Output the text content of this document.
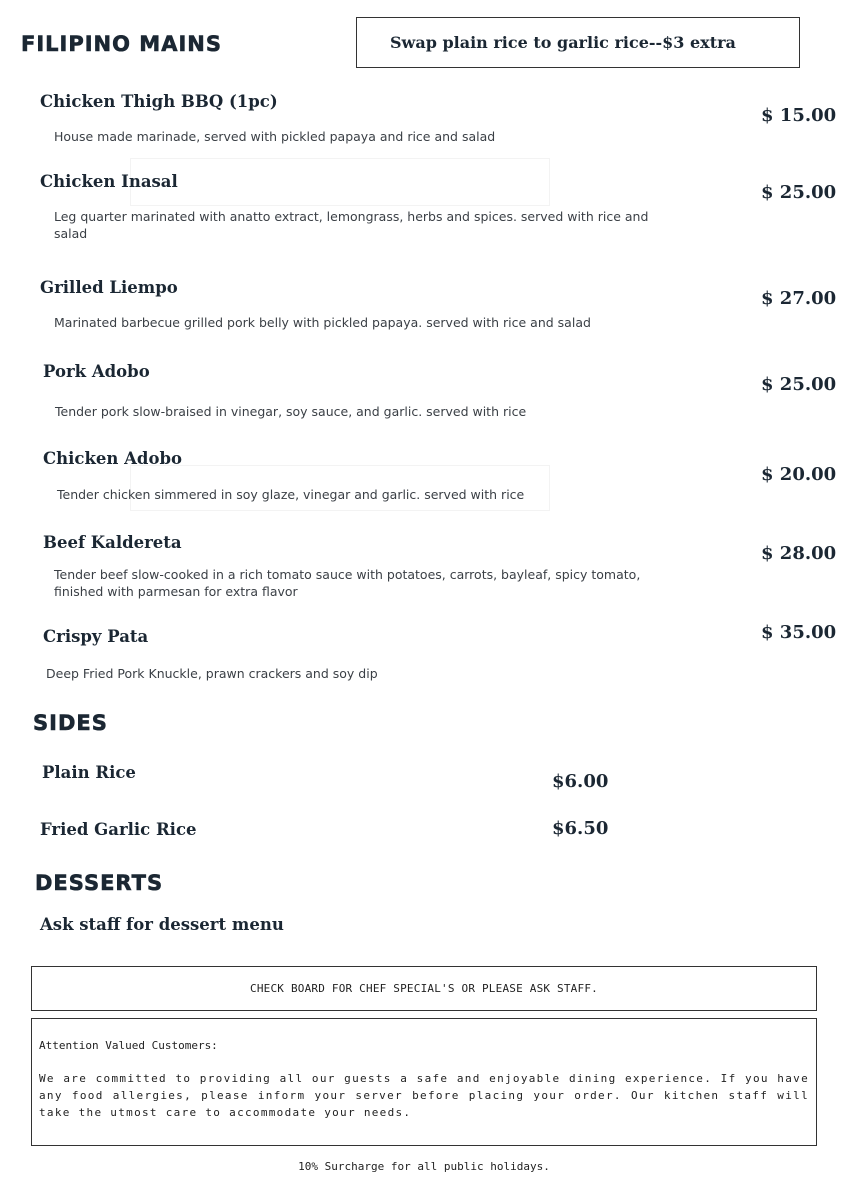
FILIPINO MAINS	Swap plain rice to garlic rice--$3 extra
Chicken Thigh BBQ (1pc)
House made marinade, served with pickled papaya and rice and salad
$ 15.00
Chicken Inasal
Leg quarter marinated with anatto extract, lemongrass, herbs and spices. served with rice and salad
$ 25.00
Grilled Liempo
Marinated barbecue grilled pork belly with pickled papaya. served with rice and salad
$ 27.00
Pork Adobo
Tender pork slow-braised in vinegar, soy sauce, and garlic. served with rice
$ 25.00
Chicken Adobo
Tender chicken simmered in soy glaze, vinegar and garlic. served with rice
$ 20.00
Beef Kaldereta
Tender beef slow-cooked in a rich tomato sauce with potatoes, carrots, bayleaf, spicy tomato, finished with parmesan for extra flavor
$ 28.00
Crispy Pata
Deep Fried Pork Knuckle, prawn crackers and soy dip
$ 35.00
SIDES
Plain Rice	$6.00
Fried Garlic Rice	$6.50
DESSERTS
Ask staff for dessert menu
CHECK BOARD FOR CHEF SPECIAL'S OR PLEASE ASK STAFF.
Attention Valued Customers:
We are committed to providing all our guests a safe and enjoyable dining experience. If you have any food allergies, please inform your server before placing your order. Our kitchen staff will take the utmost care to accommodate your needs.
10% Surcharge for all public holidays.
